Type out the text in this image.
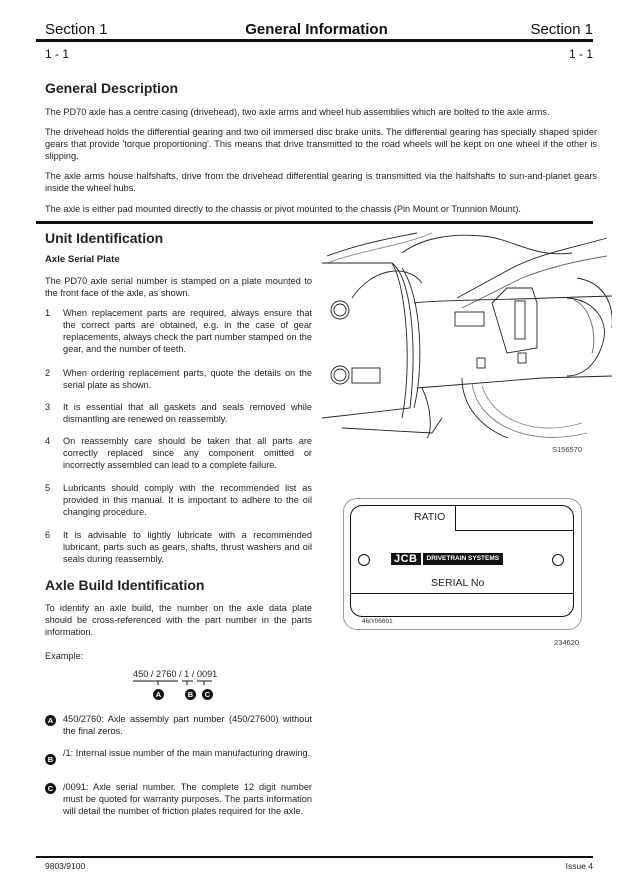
Section 1	General Information	Section 1
1 - 1	1 - 1
General Description
The PD70 axle has a centre casing (drivehead), two axle arms and wheel hub assemblies which are bolted to the axle arms.
The drivehead holds the differential gearing and two oil immersed disc brake units. The differential gearing has specially shaped spider gears that provide 'torque proportioning'. This means that drive transmitted to the road wheels will be kept on one wheel if the other is slipping.
The axle arms house halfshafts, drive from the drivehead differential gearing is transmitted via the halfshafts to sun-and-planet gears inside the wheel hubs.
The axle is either pad mounted directly to the chassis or pivot mounted to the chassis (Pin Mount or Trunnion Mount).
Unit Identification
Axle Serial Plate
The PD70 axle serial number is stamped on a plate mounted to the front face of the axle, as shown.
1 When replacement parts are required, always ensure that the correct parts are obtained, e.g. in the case of gear replacements, always check the part number stamped on the gear, and the number of teeth.
2 When ordering replacement parts, quote the details on the serial plate as shown.
3 It is essential that all gaskets and seals removed while dismantling are renewed on reassembly.
4 On reassembly care should be taken that all parts are correctly replaced since any component omitted or incorrectly assembled can lead to a complete failure.
5 Lubricants should comply with the recommended list as provided in this manual. It is important to adhere to the oil changing procedure.
6 It is advisable to lightly lubricate with a recommended lubricant, parts such as gears, shafts, thrust washers and oil seals during reassembly.
Axle Build Identification
To identify an axle build, the number on the axle data plate should be cross-referenced with the part number in the parts information.
Example:
450 / 2760 / 1 / 0091
A	B	C
A	450/2760: Axle assembly part number (450/27600) without the final zeros.
B
/1: Internal issue number of the main manufacturing drawing.
C	/0091: Axle serial number. The complete 12 digit number must be quoted for warranty purposes. The parts information will detail the number of friction plates required for the axle.
S156570
RATIO
JCB	DRIVETRAIN SYSTEMS
SERIAL No
460/06601
234620
9803/9100	Issue 4
